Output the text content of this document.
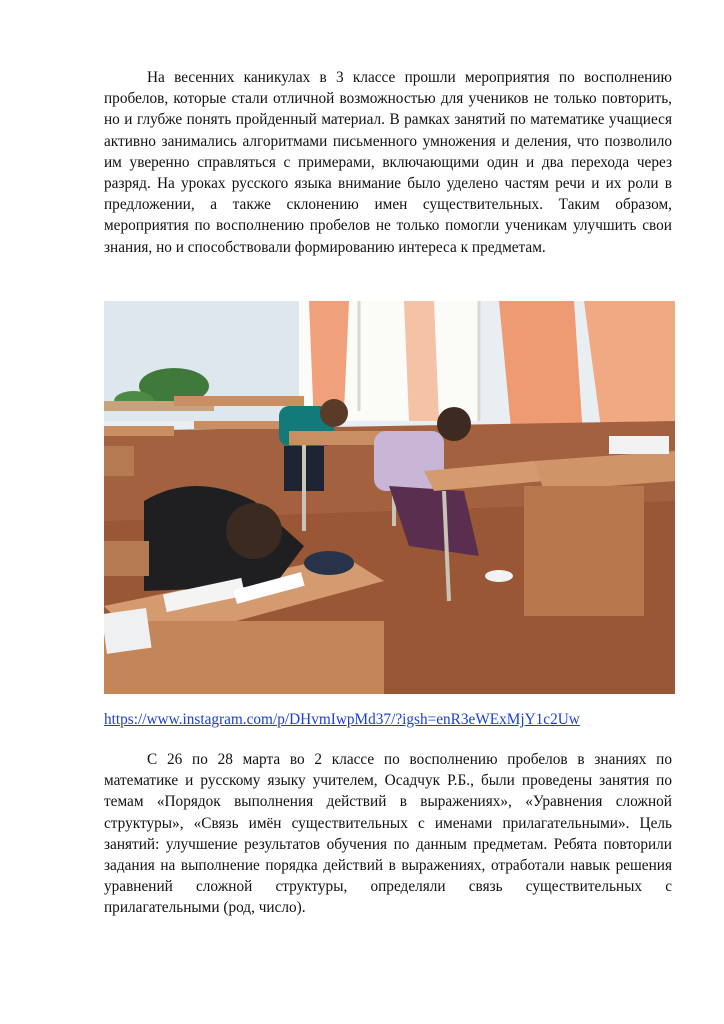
На весенних каникулах в 3 классе прошли мероприятия по восполнению пробелов, которые стали отличной возможностью для учеников не только повторить, но и глубже понять пройденный материал. В рамках занятий по математике учащиеся активно занимались алгоритмами письменного умножения и деления, что позволило им уверенно справляться с примерами, включающими один и два перехода через разряд. На уроках русского языка внимание было уделено частям речи и их роли в предложении, а также склонению имен существительных. Таким образом, мероприятия по восполнению пробелов не только помогли ученикам улучшить свои знания, но и способствовали формированию интереса к предметам.

https://www.instagram.com/p/DHvmIwpMd37/?igsh=enR3eWExMjY1c2Uw

С 26 по 28 марта во 2 классе по восполнению пробелов в знаниях по математике и русскому языку учителем, Осадчук Р.Б., были проведены занятия по темам «Порядок выполнения действий в выражениях», «Уравнения сложной структуры», «Связь имён существительных с именами прилагательными». Цель занятий: улучшение результатов обучения по данным предметам. Ребята повторили задания на выполнение порядка действий в выражениях, отработали навык решения уравнений сложной структуры, определяли связь существительных с прилагательными (род, число).
